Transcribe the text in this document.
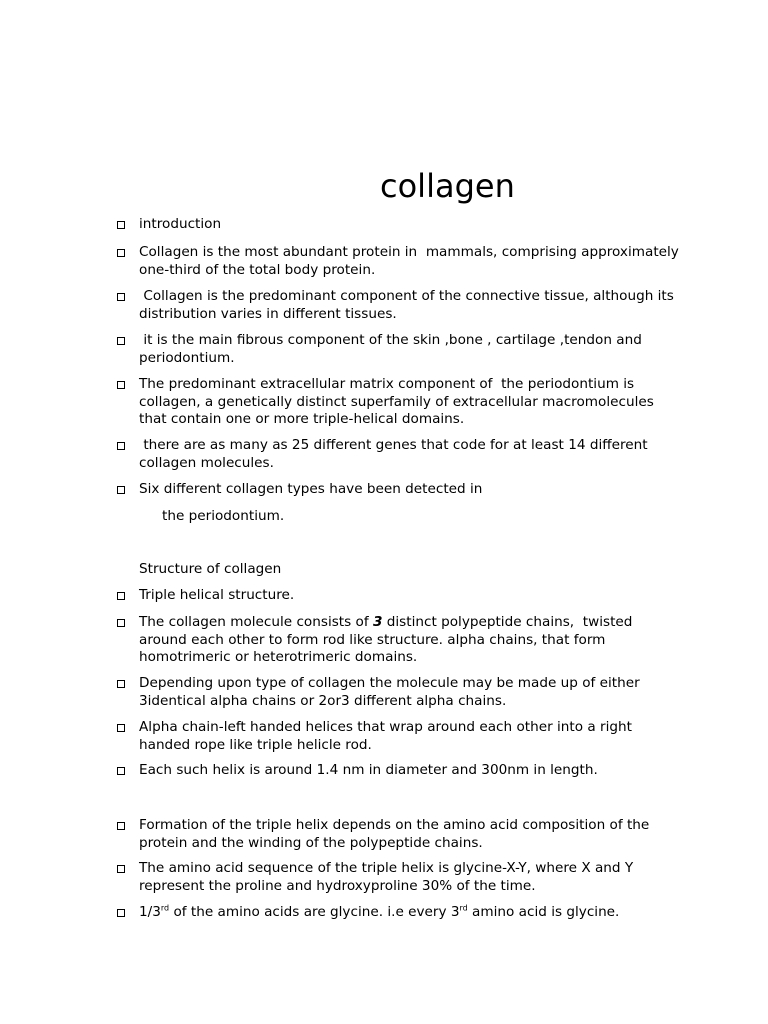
collagen
introduction
Collagen is the most abundant protein in  mammals, comprising approximately one-third of the total body protein.
Collagen is the predominant component of the connective tissue, although its distribution varies in different tissues.
it is the main fibrous component of the skin ,bone , cartilage ,tendon and periodontium.
The predominant extracellular matrix component of  the periodontium is collagen, a genetically distinct superfamily of extracellular macromolecules that contain one or more triple-helical domains.
there are as many as 25 different genes that code for at least 14 different collagen molecules.
Six different collagen types have been detected in
the periodontium.
Structure of collagen
Triple helical structure.
The collagen molecule consists of 3 distinct polypeptide chains,  twisted around each other to form rod like structure. alpha chains, that form homotrimeric or heterotrimeric domains.
Depending upon type of collagen the molecule may be made up of either 3identical alpha chains or 2or3 different alpha chains.
Alpha chain-left handed helices that wrap around each other into a right handed rope like triple helicle rod.
Each such helix is around 1.4 nm in diameter and 300nm in length.
Formation of the triple helix depends on the amino acid composition of the protein and the winding of the polypeptide chains.
The amino acid sequence of the triple helix is glycine-X-Y, where X and Y represent the proline and hydroxyproline 30% of the time.
1/3rd of the amino acids are glycine. i.e every 3rd amino acid is glycine.
